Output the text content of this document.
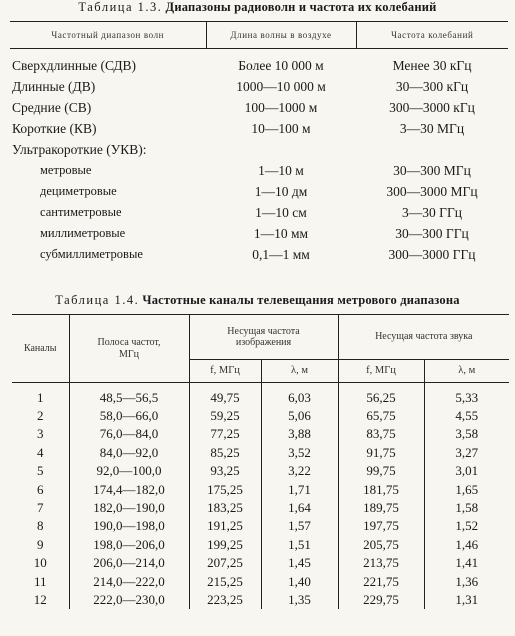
Таблица 1.3. Диапазоны радиоволн и частота их колебаний
Частотный диапазон волн	Длина волны в воздухе	Частота колебаний
Сверхдлинные (СДВ)	Более 10 000 м	Менее 30 кГц
Длинные (ДВ)	1000—10 000 м	30—300 кГц
Средние (СВ)	100—1000 м	300—3000 кГц
Короткие (КВ)	10—100 м	3—30 МГц
Ультракороткие (УКВ):		
метровые	1—10 м	30—300 МГц
дециметровые	1—10 дм	300—3000 МГц
сантиметровые	1—10 см	3—30 ГГц
миллиметровые	1—10 мм	30—300 ГГц
субмиллиметровые	0,1—1 мм	300—3000 ГГц
Таблица 1.4. Частотные каналы телевещания метрового диапазона
Каналы	Полоса частот, МГц	Несущая частота изображения		Несущая частота звука	
		f, МГц	λ, м	f, МГц	λ, м
1	48,5—56,5	49,75	6,03	56,25	5,33
2	58,0—66,0	59,25	5,06	65,75	4,55
3	76,0—84,0	77,25	3,88	83,75	3,58
4	84,0—92,0	85,25	3,52	91,75	3,27
5	92,0—100,0	93,25	3,22	99,75	3,01
6	174,4—182,0	175,25	1,71	181,75	1,65
7	182,0—190,0	183,25	1,64	189,75	1,58
8	190,0—198,0	191,25	1,57	197,75	1,52
9	198,0—206,0	199,25	1,51	205,75	1,46
10	206,0—214,0	207,25	1,45	213,75	1,41
11	214,0—222,0	215,25	1,40	221,75	1,36
12	222,0—230,0	223,25	1,35	229,75	1,31
